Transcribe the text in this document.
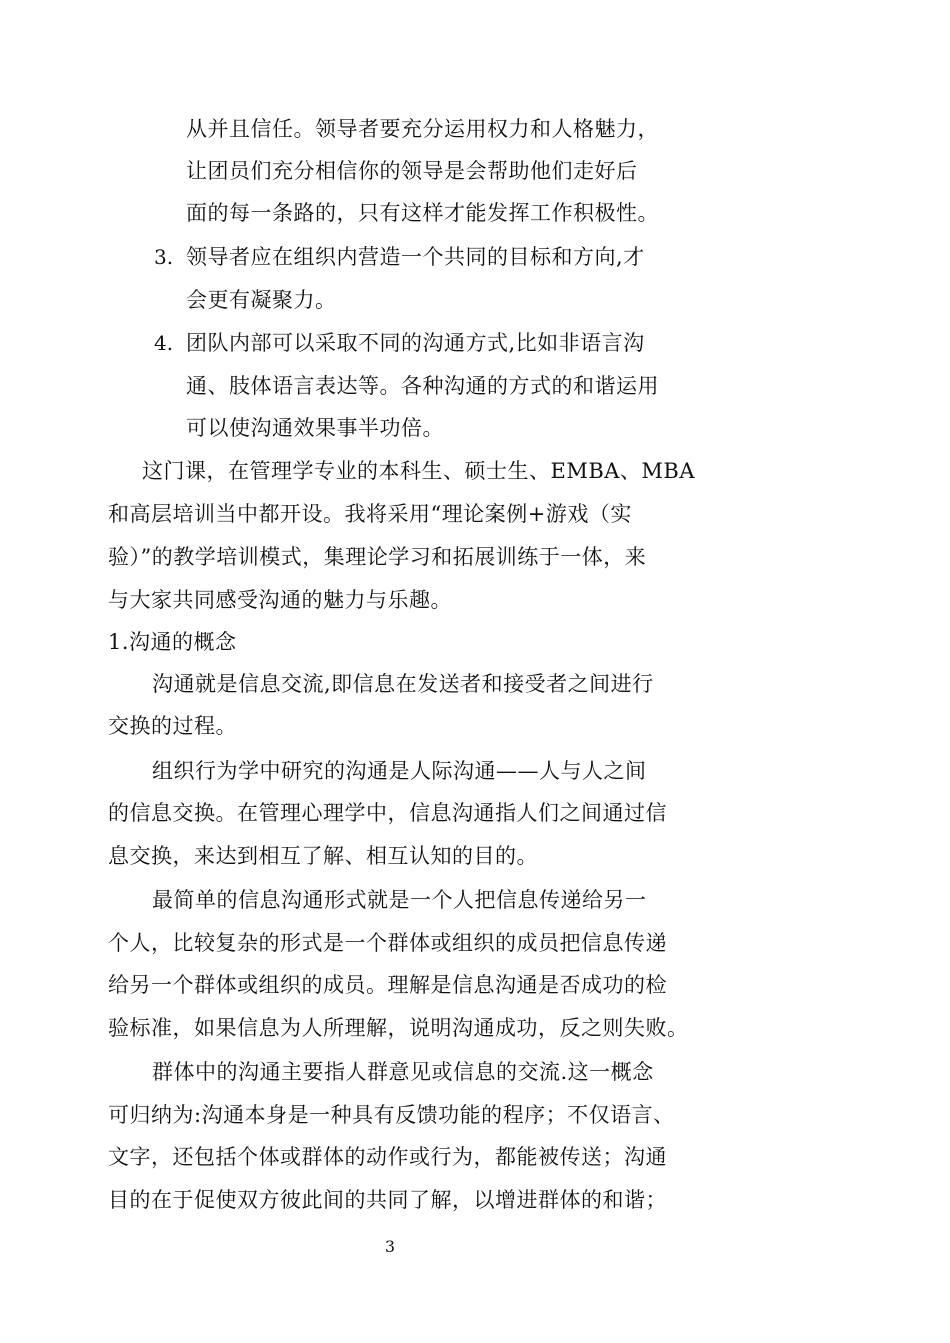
从并且信任。领导者要充分运用权力和人格魅力，
让团员们充分相信你的领导是会帮助他们走好后
面的每一条路的，只有这样才能发挥工作积极性。
3. 领导者应在组织内营造一个共同的目标和方向,才
会更有凝聚力。
4. 团队内部可以采取不同的沟通方式,比如非语言沟
通、肢体语言表达等。各种沟通的方式的和谐运用
可以使沟通效果事半功倍。
这门课，在管理学专业的本科生、硕士生、EMBA、MBA
和高层培训当中都开设。我将采用“理论案例+游戏（实
验）”的教学培训模式，集理论学习和拓展训练于一体，来
与大家共同感受沟通的魅力与乐趣。
1.沟通的概念
沟通就是信息交流,即信息在发送者和接受者之间进行
交换的过程。
组织行为学中研究的沟通是人际沟通——人与人之间
的信息交换。在管理心理学中，信息沟通指人们之间通过信
息交换，来达到相互了解、相互认知的目的。
最简单的信息沟通形式就是一个人把信息传递给另一
个人，比较复杂的形式是一个群体或组织的成员把信息传递
给另一个群体或组织的成员。理解是信息沟通是否成功的检
验标准，如果信息为人所理解，说明沟通成功，反之则失败。
群体中的沟通主要指人群意见或信息的交流.这一概念
可归纳为:沟通本身是一种具有反馈功能的程序；不仅语言、
文字，还包括个体或群体的动作或行为，都能被传送；沟通
目的在于促使双方彼此间的共同了解，以增进群体的和谐；
3
